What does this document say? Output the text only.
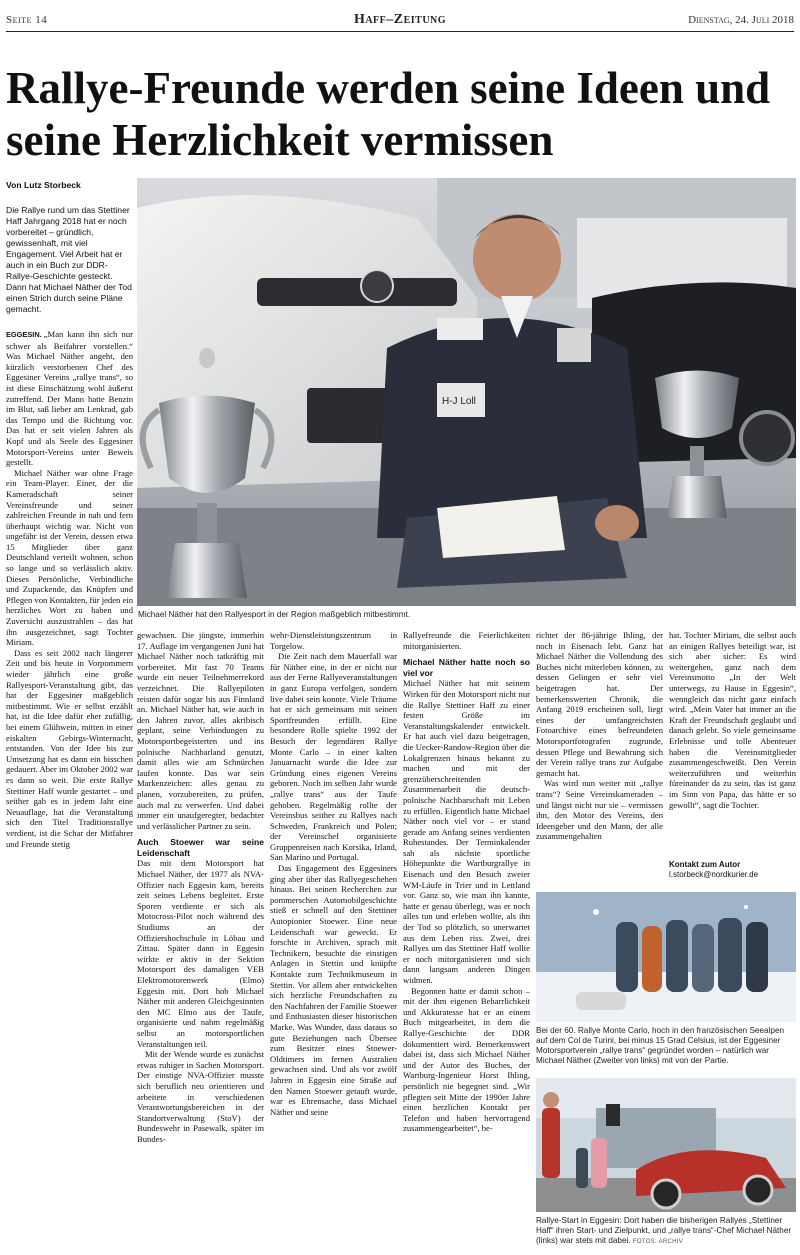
Seite 14	Haff–Zeitung	Dienstag, 24. Juli 2018
Rallye-Freunde werden seine Ideen und seine Herzlichkeit vermissen
Von Lutz Storbeck
Die Rallye rund um das Stettiner Haff Jahrgang 2018 hat er noch vorbereitet – gründlich, gewissenhaft, mit viel Engagement. Viel Arbeit hat er auch in ein Buch zur DDR-Rallye-Geschichte gesteckt. Dann hat Michael Näther der Tod einen Strich durch seine Pläne gemacht.

EGGESIN. „Man kann ihn sich nur schwer als Beifahrer vorstellen.“ Was Michael Näther angeht, den kürzlich verstorbenen Chef des Eggesiner Vereins „rallye trans“, so ist diese Einschätzung wohl äußerst zutreffend. Der Mann hatte Benzin im Blut, saß lieber am Lenkrad, gab das Tempo und die Richtung vor. Das hat er seit vielen Jahren als Kopf und als Seele des Eggesiner Motorsport-Vereins unter Beweis gestellt.

Michael Näther war ohne Frage ein Team-Player. Einer, der die Kameradschaft seiner Vereinsfreunde und seiner zahlreichen Freunde in nah und fern überhaupt wichtig war. Nicht von ungefähr ist der Verein, dessen etwa 15 Mitglieder über ganz Deutschland verteilt wohnen, schon so lange und so verlässlich aktiv. Dieses Persönliche, Verbindliche und Zupackende, das Knüpfen und Pflegen von Kontakten, für jeden ein herzliches Wort zu haben und Zuversicht auszustrahlen – das hat ihn ausgezeichnet, sagt Tochter Miriam.

Dass es seit 2002 nach längerer Zeit und bis heute in Vorpommern wieder jährlich eine große Rallyesport-Veranstaltung gibt, das hat der Eggesiner maßgeblich mitbestimmt. Wie er selbst erzählt hat, ist die Idee dafür eher zufällig, bei einem Glühwein, mitten in einer eiskalten Gebirgs-Winternacht, entstanden. Von der Idee bis zur Umsetzung hat es dann ein bisschen gedauert. Aber im Oktober 2002 war es dann so weit. Die erste Rallye Stettiner Haff wurde gestartet – und seither gab es in jedem Jahr eine Neuauflage, hat die Veranstaltung sich den Titel Traditionsrallye verdient, ist die Schar der Mitfahrer und Freunde stetig

H-J Loll
Michael Näther hat den Rallyesport in der Region maßgeblich mitbestimmt.

gewachsen. Die jüngste, immerhin 17. Auflage im vergangenen Juni hat Michael Näther noch tatkräftig mit vorbereitet. Mit fast 70 Teams wurde ein neuer Teilnehmerrekord verzeichnet. Die Rallyepiloten reisten dafür sogar bis aus Finnland an. Michael Näther hat, wie auch in den Jahren zuvor, alles akribisch geplant, seine Verbindungen zu Motorsportbegeisterten und ins polnische Nachbarland genutzt, damit alles wie am Schnürchen laufen konnte. Das war sein Markenzeichen: alles genau zu planen, vorzubereiten, zu prüfen, auch mal zu verwerfen. Und dabei immer ein unaufgeregter, bedachter und verlässlicher Partner zu sein.

Auch Stoewer war seine Leidenschaft

Das mit dem Motorsport hat Michael Näther, der 1977 als NVA-Offizier nach Eggesin kam, bereits zeit seines Lebens begleitet. Erste Sporen verdiente er sich als Motocross-Pilot noch während des Studiums an der Offiziershochschule in Löbau und Zittau. Später dann in Eggesin wirkte er aktiv in der Sektion Motorsport des damaligen VEB Elektromotorenwerk (Elmo) Eggesin mit. Dort hob Michael Näther mit anderen Gleichgesinnten den MC Elmo aus der Taufe, organisierte und nahm regelmäßig selbst an motorsportlichen Veranstaltungen teil.

Mit der Wende wurde es zunächst etwas ruhiger in Sachen Motorsport. Der einstige NVA-Offizier musste sich beruflich neu orientieren und arbeitete in verschiedenen Verantwortungsbereichen in der Standortverwaltung (StoV) der Bundeswehr in Pasewalk, später im Bundes-

wehr-Dienstleistungszentrum in Torgelow.

Die Zeit nach dem Mauerfall war für Näther eine, in der er nicht nur aus der Ferne Rallyeveranstaltungen in ganz Europa verfolgen, sondern live dabei sein konnte. Viele Träume hat er sich gemeinsam mit seinen Sportfreunden erfüllt. Eine besondere Rolle spielte 1992 der Besuch der legendären Rallye Monte Carlo – in einer kalten Januarnacht wurde die Idee zur Gründung eines eigenen Vereins geboren. Noch im selben Jahr wurde „rallye trans“ aus der Taufe gehoben. Regelmäßig rollte der Vereinsbus seither zu Rallyes nach Schweden, Frankreich und Polen; der Vereinschef organisierte Gruppenreisen nach Korsika, Irland, San Marino und Portugal.

Das Engagement des Eggesiners ging aber über das Rallyegeschehen hinaus. Bei seinen Recherchen zur pommerschen Automobilgeschichte stieß er schnell auf den Stettiner Autopionier Stoewer. Eine neue Leidenschaft war geweckt. Er forschte in Archiven, sprach mit Technikern, besuchte die einstigen Anlagen in Stettin und knüpfte Kontakte zum Technikmuseum in Stettin. Vor allem aber entwickelten sich herzliche Freundschaften zu den Nachfahren der Familie Stoewer und Enthusiasten dieser historischen Marke. Was Wunder, dass daraus so gute Beziehungen nach Übersee zum Besitzer eines Stoewer-Oldtimers im fernen Australien gewachsen sind. Und als vor zwölf Jahren in Eggesin eine Straße auf den Namen Stoewer getauft wurde, war es Ehrensache, dass Michael Näther und seine

Rallyefreunde die Feierlichkeiten mitorganisierten.

Michael Näther hatte noch so viel vor

Michael Näther hat mit seinem Wirken für den Motorsport nicht nur die Rallye Stettiner Haff zu einer festen Größe im Veranstaltungskalender entwickelt. Er hat auch viel dazu beigetragen, die Uecker-Randow-Region über die Lokalgrenzen hinaus bekannt zu machen und mit der grenzüberschreitenden Zusammenarbeit die deutsch-polnische Nachbarschaft mit Leben zu erfüllen. Eigentlich hatte Michael Näther noch viel vor – er stand gerade am Anfang seines verdienten Ruhestandes. Der Terminkalender sah als nächste sportliche Höhepunkte die Wartburgrallye in Eisenach und den Besuch zweier WM-Läufe in Trier und in Lettland vor. Ganz so, wie man ihn kannte, hatte er genau überlegt, was er noch alles tun und erleben wollte, als ihn der Tod so plötzlich, so unerwartet aus dem Leben riss. Zwei, drei Rallyes um das Stettiner Haff wollte er noch mitorganisieren und sich dann langsam anderen Dingen widmen.

Begonnen hatte er damit schon – mit der ihm eigenen Beharrlichkeit und Akkuratesse hat er an einem Buch mitgearbeitet, in dem die Rallye-Geschichte der DDR dokumentiert wird. Bemerkenswert dabei ist, dass sich Michael Näther und der Autor des Buches, der Wartburg-Ingenieur Horst Ihling, persönlich nie begegnet sind. „Wir pflegten seit Mitte der 1990er Jahre einen herzlichen Kontakt per Telefon und haben hervorragend zusammengearbeitet“, be-

richtet der 86-jährige Ihling, der noch in Eisenach lebt. Ganz hat Michael Näther die Vollendung des Buches nicht miterleben können, zu dessen Gelingen er sehr viel beigetragen hat. Der bemerkenswerten Chronik, die Anfang 2019 erscheinen soll, liegt eines der umfangreichsten Fotoarchive eines befreundeten Motorsportfotografen zugrunde, dessen Pflege und Bewahrung sich der Verein rallye trans zur Aufgabe gemacht hat.

Was wird nun weiter mit „rallye trans“? Seine Vereinskameraden – und längst nicht nur sie – vermissen ihn, den Motor des Vereins, den Ideengeber und den Mann, der alle zusammengehalten

hat. Tochter Miriam, die selbst auch an einigen Rallyes beteiligt war, ist sich aber sicher: Es wird weitergehen, ganz nach dem Vereinsmotto „In der Welt unterwegs, zu Hause in Eggesin“, wenngleich das nicht ganz einfach wird. „Mein Vater hat immer an die Kraft der Freundschaft geglaubt und danach gelebt. So viele gemeinsame Erlebnisse und tolle Abenteuer haben die Vereinsmitglieder zusammengeschweißt. Den Verein weiterzuführen und weiterhin füreinander da zu sein, das ist ganz im Sinn von Papa, das hätte er so gewollt“, sagt die Tochter.

Kontakt zum Autor
l.storbeck@nordkurier.de
Bei der 60. Rallye Monte Carlo, hoch in den französischen Seealpen auf dem Col de Turini, bei minus 15 Grad Celsius, ist der Eggesiner Motorsportverein „rallye trans“ gegründet worden – natürlich war Michael Näther (Zweiter von links) mit von der Partie.
Rallye-Start in Eggesin: Dort haben die bisherigen Rallyes „Stettiner Haff“ ihren Start- und Zielpunkt, und „rallye trans“-Chef Michael Näther (links) war stets mit dabei. FOTOS: ARCHIV
